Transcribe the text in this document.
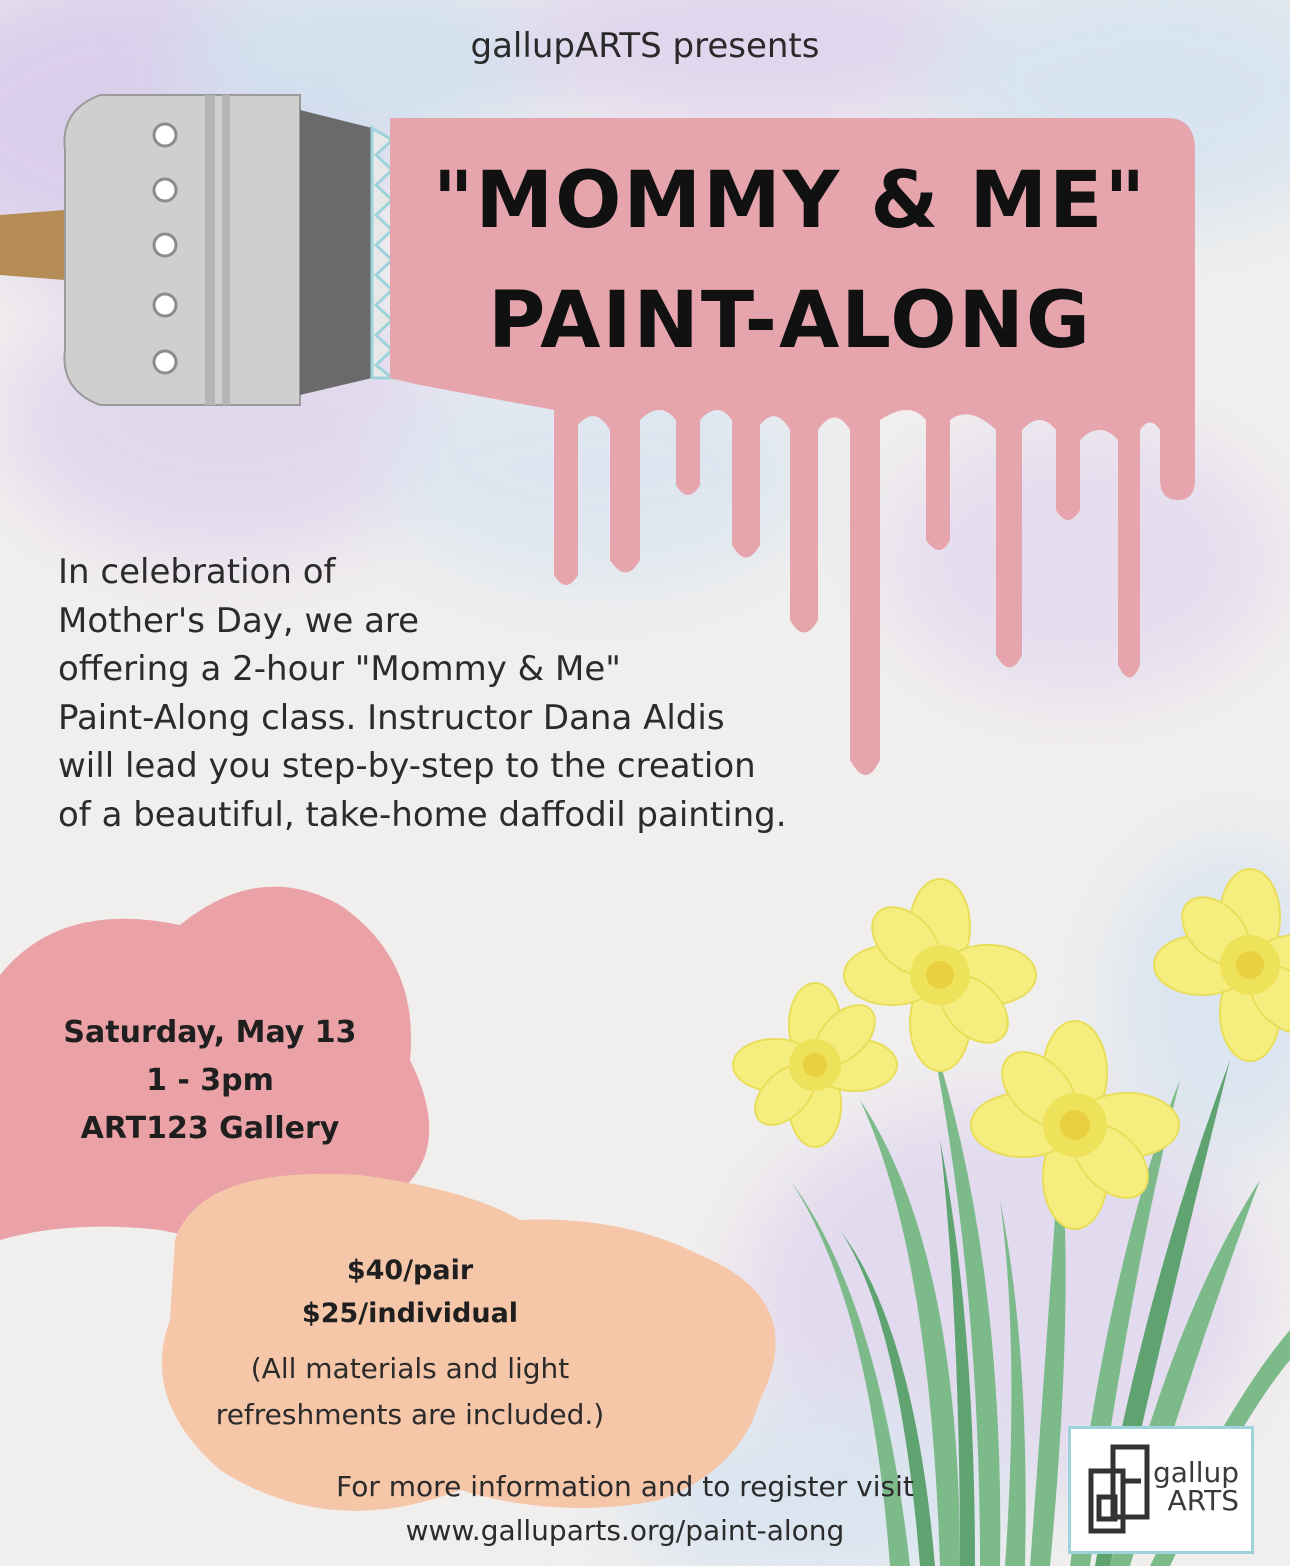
gallupARTS presents
"MOMMY & ME"
PAINT-ALONG
In celebration of
Mother's Day, we are
offering a 2-hour "Mommy & Me"
Paint-Along class. Instructor Dana Aldis
will lead you step-by-step to the creation
of a beautiful, take-home daffodil painting.
Saturday, May 13
1 - 3pm
ART123 Gallery
$40/pair
$25/individual
(All materials and light
refreshments are included.)
For more information and to register visit
www.galluparts.org/paint-along
gallup
ARTS
